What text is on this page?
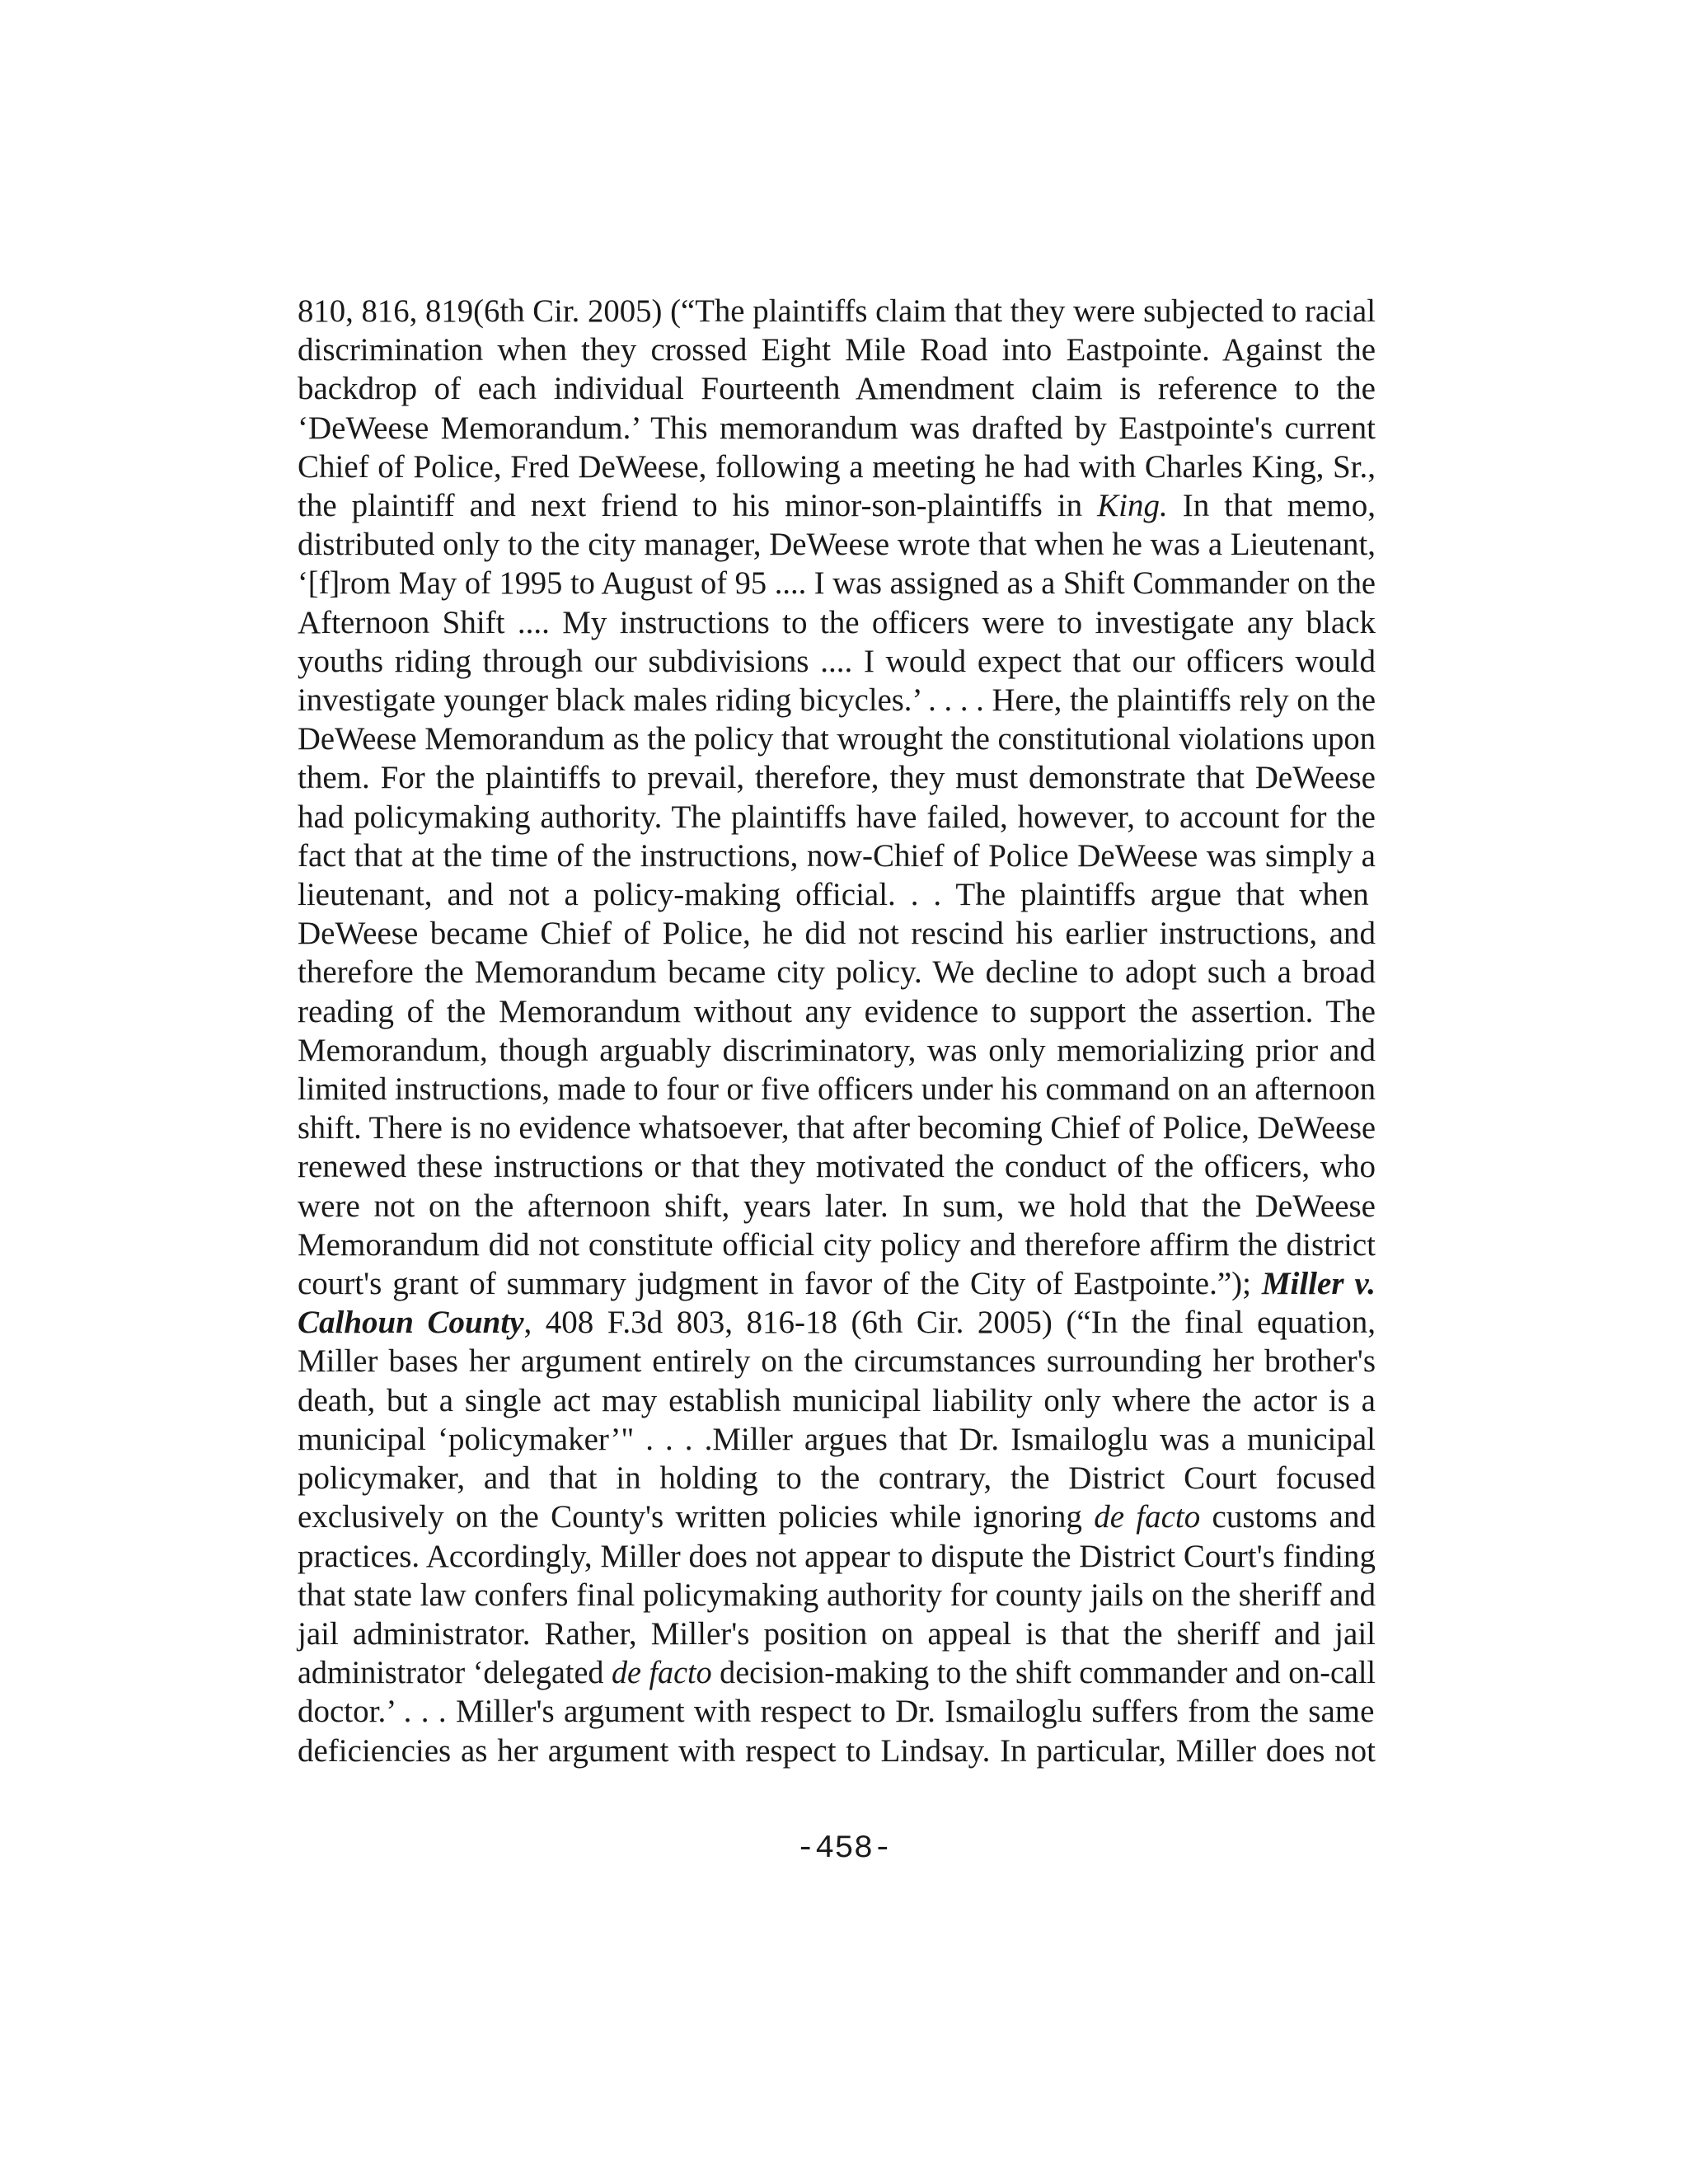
810, 816, 819(6th Cir. 2005) (“The plaintiffs claim that they were subjected to racial
discrimination when they crossed Eight Mile Road into Eastpointe. Against the
backdrop of each individual Fourteenth Amendment claim is reference to the
‘DeWeese Memorandum.’ This memorandum was drafted by Eastpointe's current
Chief of Police, Fred DeWeese, following a meeting he had with Charles King, Sr.,
the plaintiff and next friend to his minor-son-plaintiffs in King. In that memo,
distributed only to the city manager, DeWeese wrote that when he was a Lieutenant,
‘[f]rom May of 1995 to August of 95 .... I was assigned as a Shift Commander on the
Afternoon Shift .... My instructions to the officers were to investigate any black
youths riding through our subdivisions .... I would expect that our officers would
investigate younger black males riding bicycles.’ . . . . Here, the plaintiffs rely on the
DeWeese Memorandum as the policy that wrought the constitutional violations upon
them. For the plaintiffs to prevail, therefore, they must demonstrate that DeWeese
had policymaking authority. The plaintiffs have failed, however, to account for the
fact that at the time of the instructions, now-Chief of Police DeWeese was simply a
lieutenant, and not a policy-making official. . . The plaintiffs argue that when
DeWeese became Chief of Police, he did not rescind his earlier instructions, and
therefore the Memorandum became city policy. We decline to adopt such a broad
reading of the Memorandum without any evidence to support the assertion. The
Memorandum, though arguably discriminatory, was only memorializing prior and
limited instructions, made to four or five officers under his command on an afternoon
shift. There is no evidence whatsoever, that after becoming Chief of Police, DeWeese
renewed these instructions or that they motivated the conduct of the officers, who
were not on the afternoon shift, years later. In sum, we hold that the DeWeese
Memorandum did not constitute official city policy and therefore affirm the district
court's grant of summary judgment in favor of the City of Eastpointe.”); Miller v.
Calhoun County, 408 F.3d 803, 816-18 (6th Cir. 2005) (“In the final equation,
Miller bases her argument entirely on the circumstances surrounding her brother's
death, but a single act may establish municipal liability only where the actor is a
municipal ‘policymaker’" . . . .Miller argues that Dr. Ismailoglu was a municipal
policymaker, and that in holding to the contrary, the District Court focused
exclusively on the County's written policies while ignoring de facto customs and
practices. Accordingly, Miller does not appear to dispute the District Court's finding
that state law confers final policymaking authority for county jails on the sheriff and
jail administrator. Rather, Miller's position on appeal is that the sheriff and jail
administrator ‘delegated de facto decision-making to the shift commander and on-call
doctor.’ . . . Miller's argument with respect to Dr. Ismailoglu suffers from the same
deficiencies as her argument with respect to Lindsay. In particular, Miller does not

-458-
